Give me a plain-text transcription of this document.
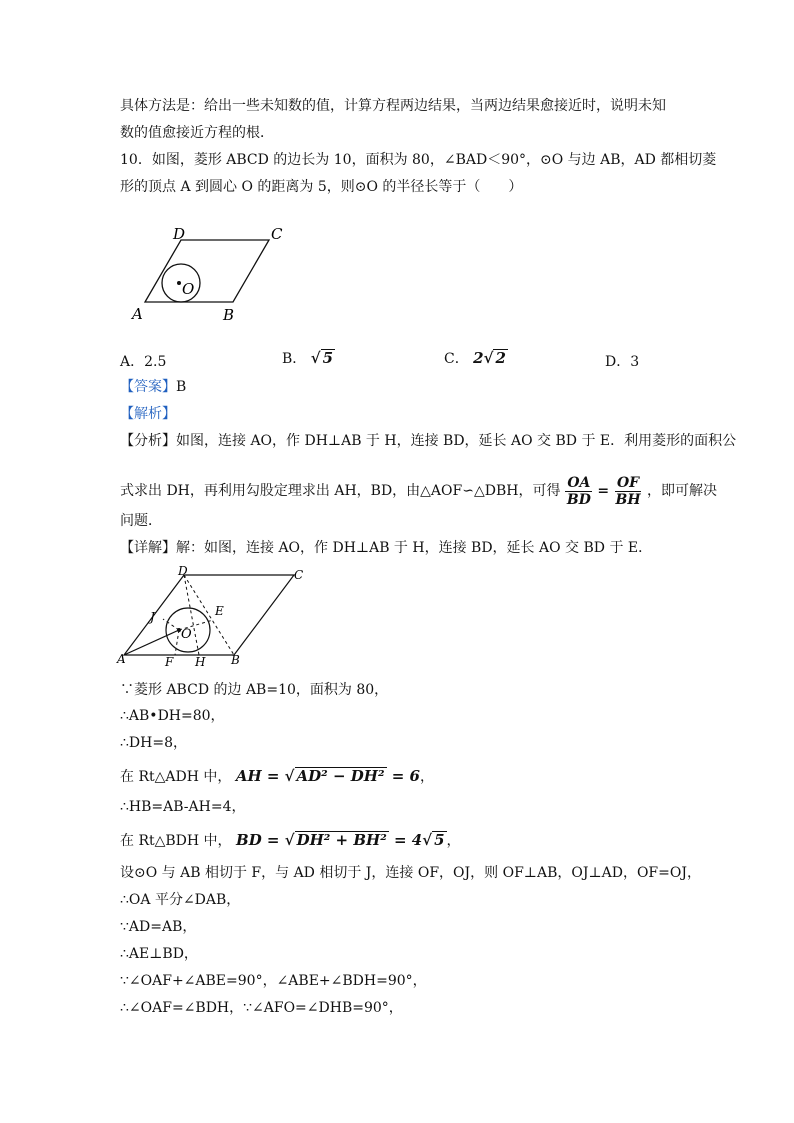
具体方法是：给出一些未知数的值，计算方程两边结果，当两边结果愈接近时，说明未知
数的值愈接近方程的根．
10．如图，菱形 ABCD 的边长为 10，面积为 80，∠BAD＜90°，⊙O 与边 AB，AD 都相切菱
形的顶点 A 到圆心 O 的距离为 5，则⊙O 的半径长等于（　　）
D	C
A	B
O
A．2.5	B． √ 5	C． 2√ 2	D．3
【答案】B
【解析】
【分析】如图，连接 AO，作 DH⊥AB 于 H，连接 BD，延长 AO 交 BD 于 E．利用菱形的面积公
式求出 DH，再利用勾股定理求出 AH，BD，由△AOF∽△DBH，可得 $\frac{OA}{BD} = \frac{OF}{BH}$ ，即可解决
问题．
【详解】解：如图，连接 AO，作 DH⊥AB 于 H，连接 BD，延长 AO 交 BD 于 E．
D	C
A	B
O
E
F H
J
∵菱形 ABCD 的边 AB=10，面积为 80，
∴AB•DH=80，
∴DH=8，
在 Rt△ADH 中， AH = √ AD² − DH² = 6，
∴HB=AB-AH=4，
在 Rt△BDH 中， BD = √ DH² + BH² = 4√ 5 ，
设⊙O 与 AB 相切于 F，与 AD 相切于 J，连接 OF，OJ，则 OF⊥AB，OJ⊥AD，OF=OJ，
∴OA 平分∠DAB，
∵AD=AB，
∴AE⊥BD，
∵∠OAF+∠ABE=90°，∠ABE+∠BDH=90°，
∴∠OAF=∠BDH，∵∠AFO=∠DHB=90°，
